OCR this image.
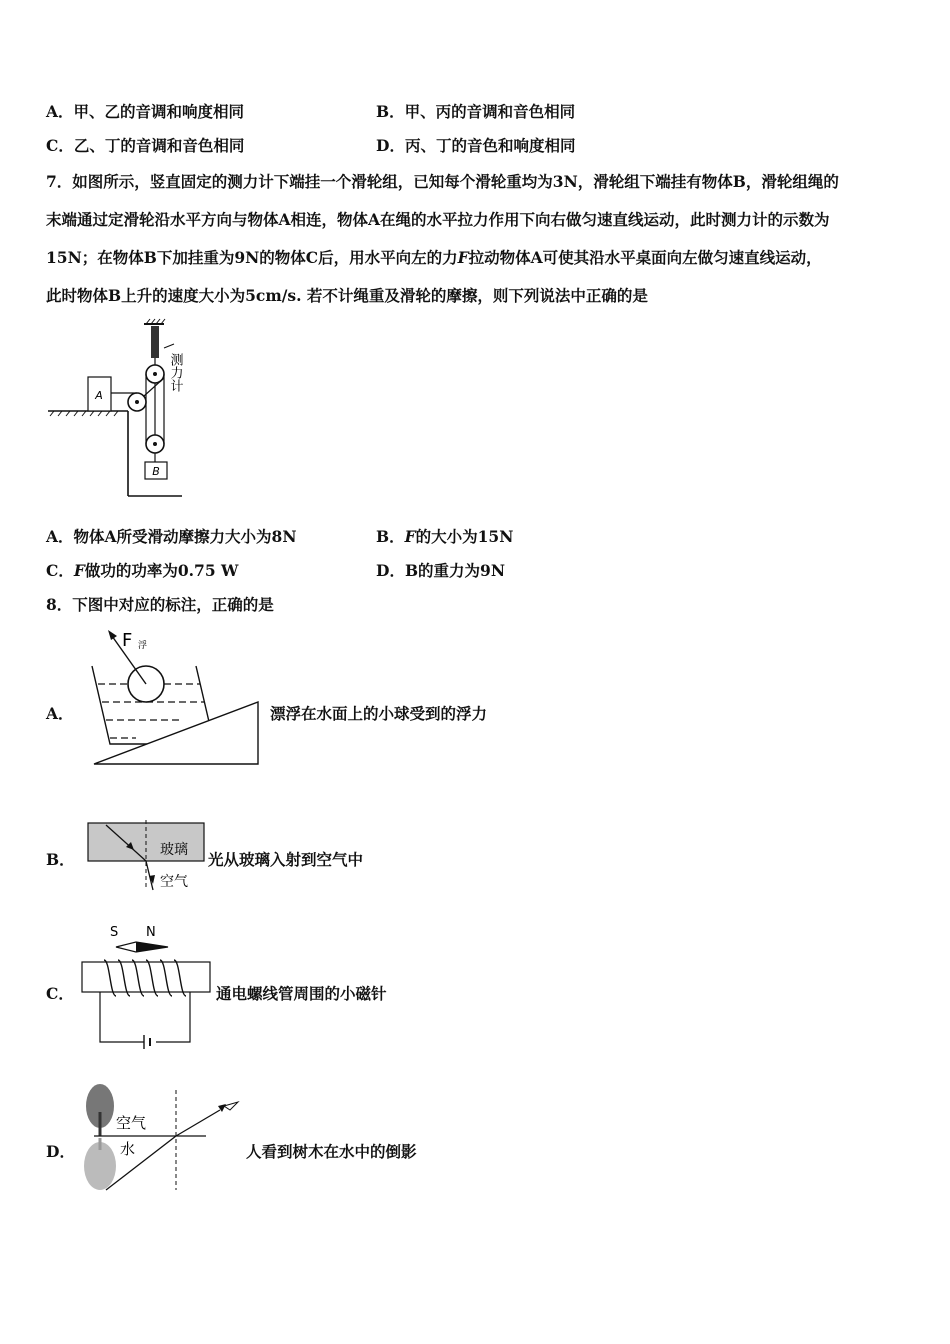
A．甲、乙的音调和响度相同	B．甲、丙的音调和音色相同
C．乙、丁的音调和音色相同	D．丙、丁的音色和响度相同
7．如图所示，竖直固定的测力计下端挂一个滑轮组，已知每个滑轮重均为3N，滑轮组下端挂有物体B，滑轮组绳的
末端通过定滑轮沿水平方向与物体A相连，物体A在绳的水平拉力作用下向右做匀速直线运动，此时测力计的示数为
15N；在物体B下加挂重为9N的物体C后，用水平向左的力F拉动物体A可使其沿水平桌面向左做匀速直线运动，
此时物体B上升的速度大小为5cm/s. 若不计绳重及滑轮的摩擦，则下列说法中正确的是
测力计
B
A
A．物体A所受滑动摩擦力大小为8N	B．F的大小为15N
C．F做功的功率为0.75 W	D．B的重力为9N
8．下图中对应的标注，正确的是
A．
F 浮
漂浮在水面上的小球受到的浮力
B．	玻璃
空气
光从玻璃入射到空气中
C．
S N
通电螺线管周围的小磁针
D．
空气
水	人看到树木在水中的倒影
